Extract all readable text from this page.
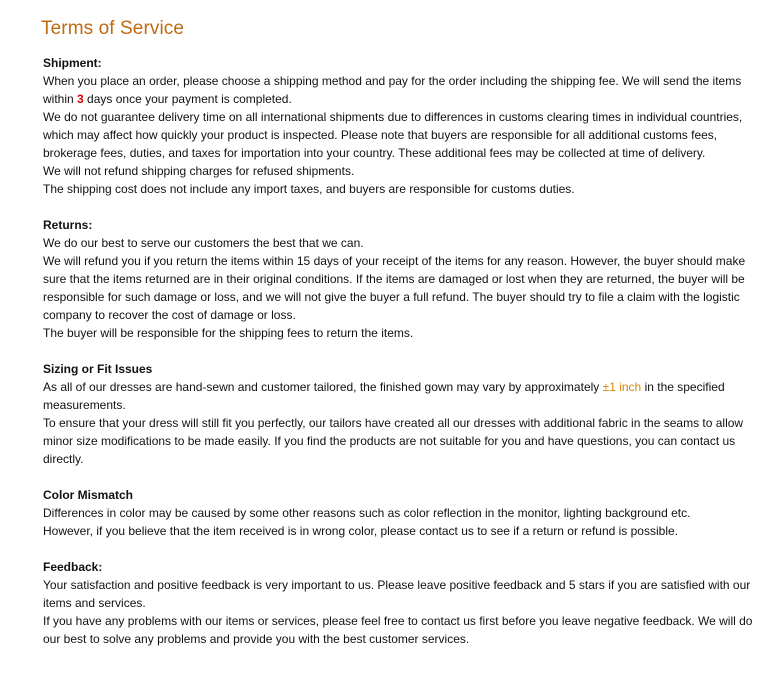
Terms of Service
Shipment:
When you place an order, please choose a shipping method and pay for the order including the shipping fee. We will send the items within 3 days once your payment is completed.
We do not guarantee delivery time on all international shipments due to differences in customs clearing times in individual countries, which may affect how quickly your product is inspected. Please note that buyers are responsible for all additional customs fees, brokerage fees, duties, and taxes for importation into your country. These additional fees may be collected at time of delivery.
We will not refund shipping charges for refused shipments.
The shipping cost does not include any import taxes, and buyers are responsible for customs duties.
Returns:
We do our best to serve our customers the best that we can.
We will refund you if you return the items within 15 days of your receipt of the items for any reason. However, the buyer should make sure that the items returned are in their original conditions. If the items are damaged or lost when they are returned, the buyer will be responsible for such damage or loss, and we will not give the buyer a full refund. The buyer should try to file a claim with the logistic company to recover the cost of damage or loss.
The buyer will be responsible for the shipping fees to return the items.
Sizing or Fit Issues
As all of our dresses are hand-sewn and customer tailored, the finished gown may vary by approximately ±1 inch in the specified measurements.
To ensure that your dress will still fit you perfectly, our tailors have created all our dresses with additional fabric in the seams to allow minor size modifications to be made easily. If you find the products are not suitable for you and have questions, you can contact us directly.
Color Mismatch
Differences in color may be caused by some other reasons such as color reflection in the monitor, lighting background etc.
However, if you believe that the item received is in wrong color, please contact us to see if a return or refund is possible.
Feedback:
Your satisfaction and positive feedback is very important to us. Please leave positive feedback and 5 stars if you are satisfied with our items and services.
If you have any problems with our items or services, please feel free to contact us first before you leave negative feedback. We will do our best to solve any problems and provide you with the best customer services.
